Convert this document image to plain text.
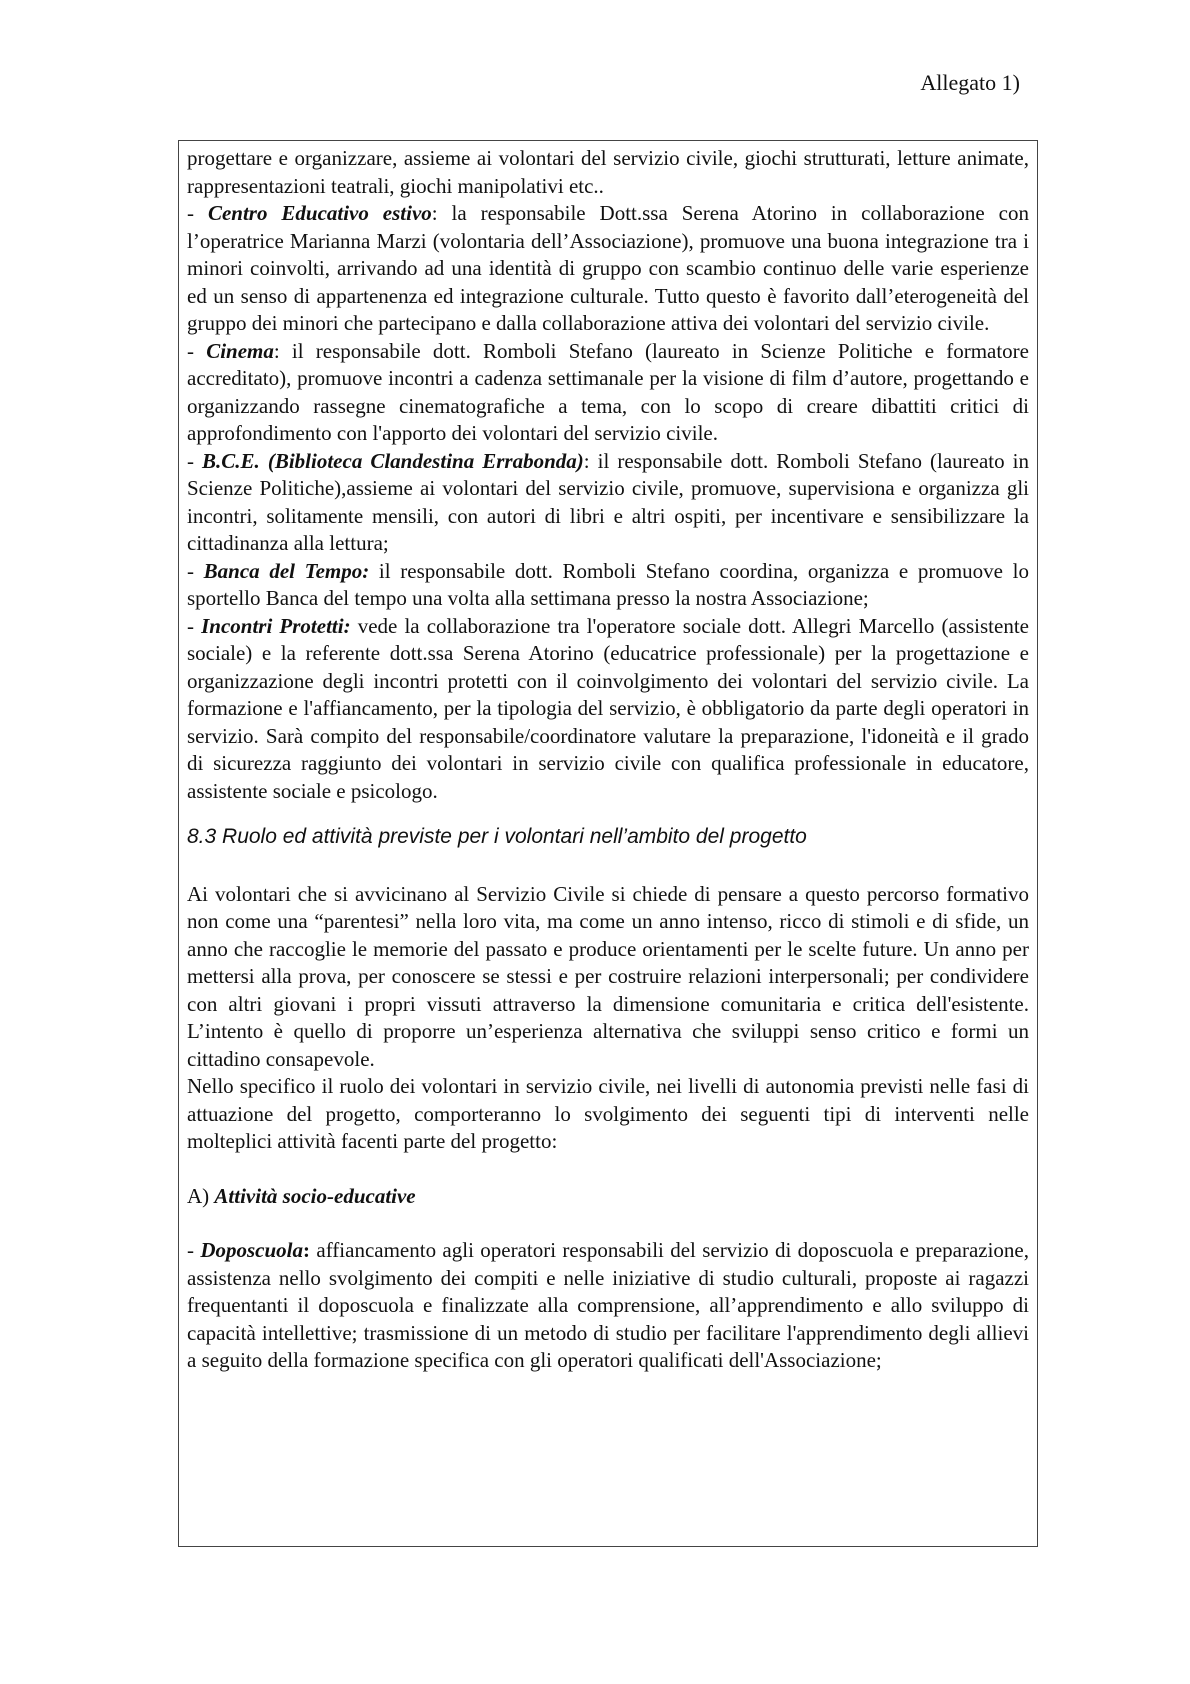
Allegato 1)

progettare e organizzare, assieme ai volontari del servizio civile, giochi strutturati, letture animate, rappresentazioni teatrali, giochi manipolativi etc..

- Centro Educativo estivo: la responsabile Dott.ssa Serena Atorino in collaborazione con l’operatrice Marianna Marzi (volontaria dell’Associazione), promuove una buona integrazione tra i minori coinvolti, arrivando ad una identità di gruppo con scambio continuo delle varie esperienze ed un senso di appartenenza ed integrazione culturale. Tutto questo è favorito dall’eterogeneità del gruppo dei minori che partecipano e dalla collaborazione attiva dei volontari del servizio civile.

- Cinema: il responsabile dott. Romboli Stefano (laureato in Scienze Politiche e formatore accreditato), promuove incontri a cadenza settimanale per la visione di film d’autore, progettando e organizzando rassegne cinematografiche a tema, con lo scopo di creare dibattiti critici di approfondimento con l'apporto dei volontari del servizio civile.

- B.C.E. (Biblioteca Clandestina Errabonda): il responsabile dott. Romboli Stefano (laureato in Scienze Politiche),assieme ai volontari del servizio civile, promuove, supervisiona e organizza gli incontri, solitamente mensili, con autori di libri e altri ospiti, per incentivare e sensibilizzare la cittadinanza alla lettura;

- Banca del Tempo: il responsabile dott. Romboli Stefano coordina, organizza e promuove lo sportello Banca del tempo una volta alla settimana presso la nostra Associazione;

- Incontri Protetti: vede la collaborazione tra l'operatore sociale dott. Allegri Marcello (assistente sociale) e la referente dott.ssa Serena Atorino (educatrice professionale) per la progettazione e organizzazione degli incontri protetti con il coinvolgimento dei volontari del servizio civile. La formazione e l'affiancamento, per la tipologia del servizio, è obbligatorio da parte degli operatori in servizio. Sarà compito del responsabile/coordinatore valutare la preparazione, l'idoneità e il grado di sicurezza raggiunto dei volontari in servizio civile con qualifica professionale in educatore, assistente sociale e psicologo.

8.3 Ruolo ed attività previste per i volontari nell’ambito del progetto

Ai volontari che si avvicinano al Servizio Civile si chiede di pensare a questo percorso formativo non come una “parentesi” nella loro vita, ma come un anno intenso, ricco di stimoli e di sfide, un anno che raccoglie le memorie del passato e produce orientamenti per le scelte future. Un anno per mettersi alla prova, per conoscere se stessi e per costruire relazioni interpersonali; per condividere con altri giovani i propri vissuti attraverso la dimensione comunitaria e critica dell'esistente. L’intento è quello di proporre un’esperienza alternativa che sviluppi senso critico e formi un cittadino consapevole.

Nello specifico il ruolo dei volontari in servizio civile, nei livelli di autonomia previsti nelle fasi di attuazione del progetto, comporteranno lo svolgimento dei seguenti tipi di interventi nelle molteplici attività facenti parte del progetto:

A) Attività socio-educative

- Doposcuola: affiancamento agli operatori responsabili del servizio di doposcuola e preparazione, assistenza nello svolgimento dei compiti e nelle iniziative di studio culturali, proposte ai ragazzi frequentanti il doposcuola e finalizzate alla comprensione, all’apprendimento e allo sviluppo di capacità intellettive; trasmissione di un metodo di studio per facilitare l'apprendimento degli allievi a seguito della formazione specifica con gli operatori qualificati dell'Associazione;
